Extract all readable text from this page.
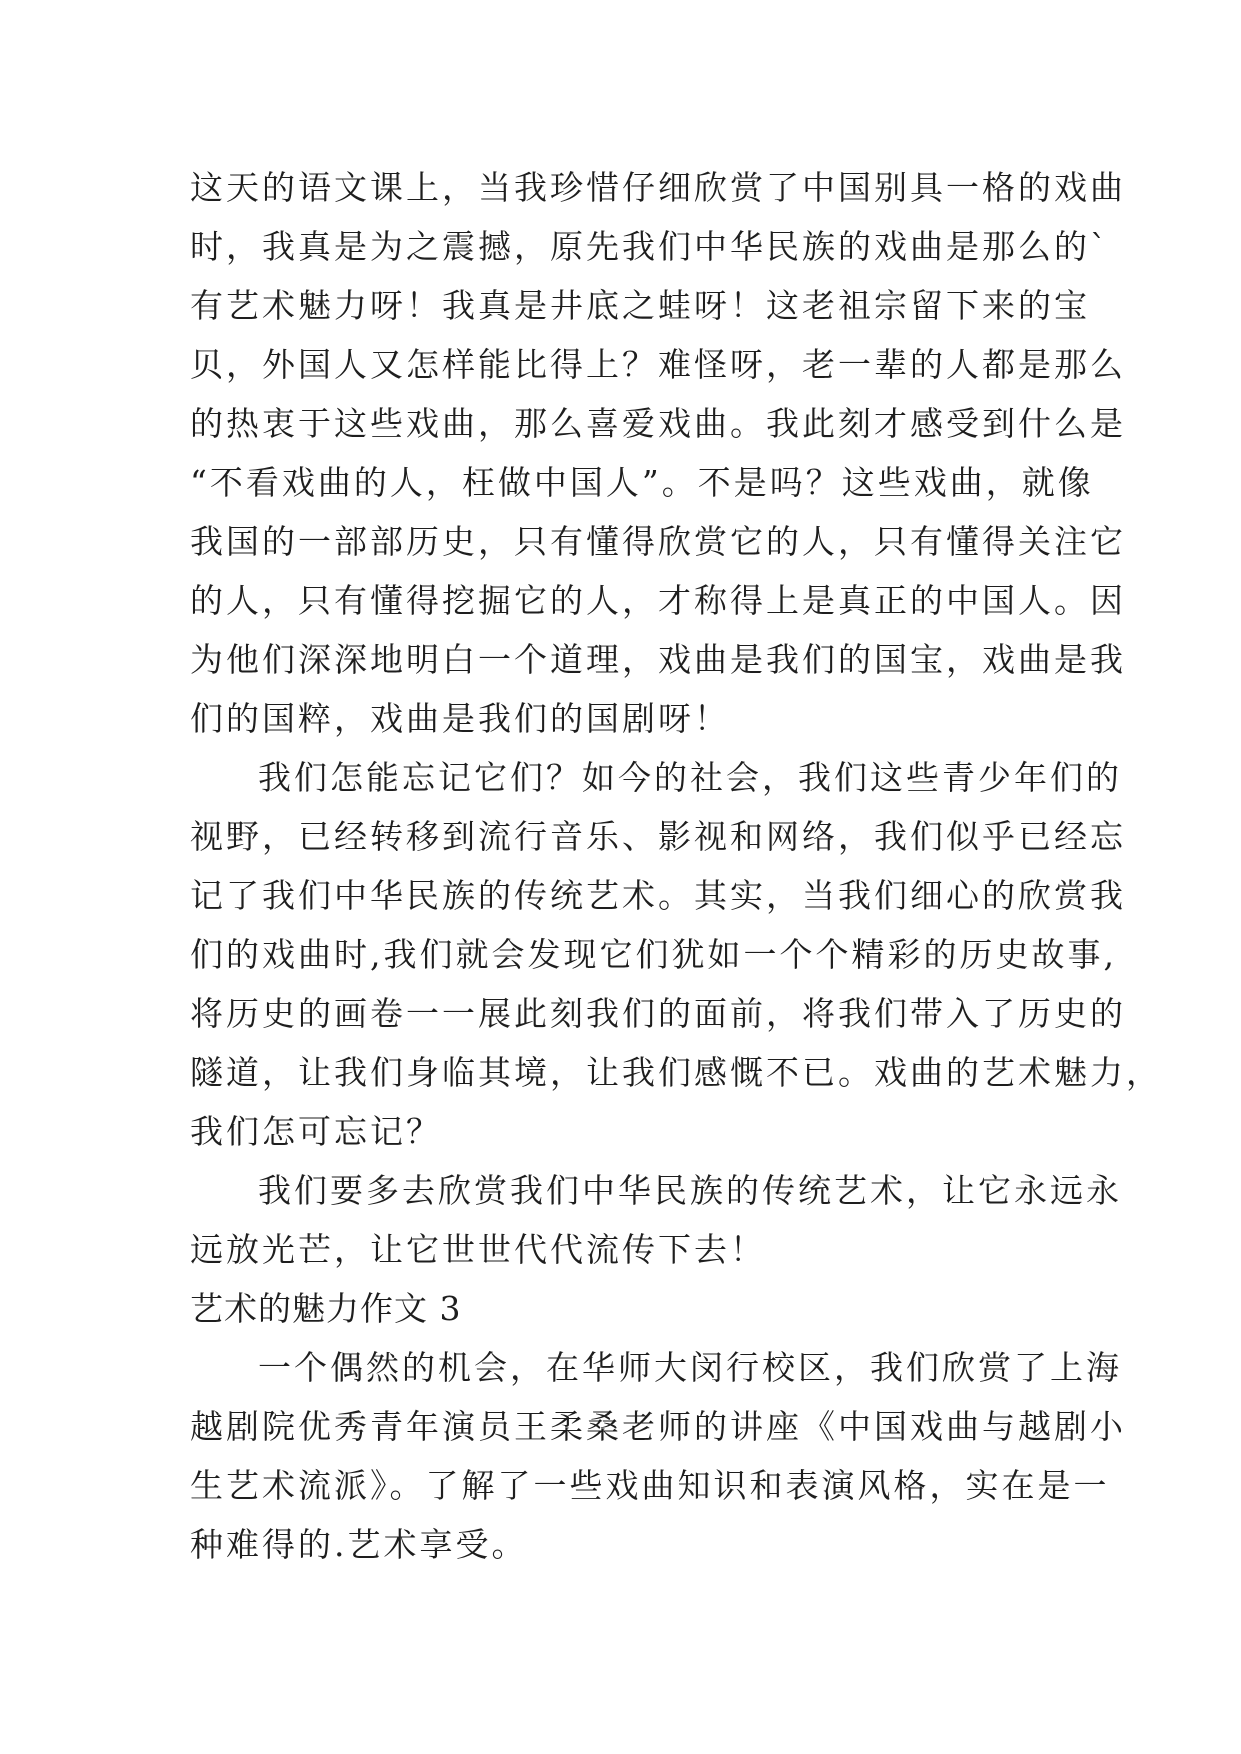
这天的语文课上，当我珍惜仔细欣赏了中国别具一格的戏曲
时，我真是为之震撼，原先我们中华民族的戏曲是那么的`
有艺术魅力呀！我真是井底之蛙呀！这老祖宗留下来的宝
贝，外国人又怎样能比得上？难怪呀，老一辈的人都是那么
的热衷于这些戏曲，那么喜爱戏曲。我此刻才感受到什么是
“不看戏曲的人，枉做中国人”。不是吗？这些戏曲，就像
我国的一部部历史，只有懂得欣赏它的人，只有懂得关注它
的人，只有懂得挖掘它的人，才称得上是真正的中国人。因
为他们深深地明白一个道理，戏曲是我们的国宝，戏曲是我
们的国粹，戏曲是我们的国剧呀！
我们怎能忘记它们？如今的社会，我们这些青少年们的
视野，已经转移到流行音乐、影视和网络，我们似乎已经忘
记了我们中华民族的传统艺术。其实，当我们细心的欣赏我
们的戏曲时,我们就会发现它们犹如一个个精彩的历史故事,
将历史的画卷一一展此刻我们的面前，将我们带入了历史的
隧道，让我们身临其境，让我们感慨不已。戏曲的艺术魅力，
我们怎可忘记？
我们要多去欣赏我们中华民族的传统艺术，让它永远永
远放光芒，让它世世代代流传下去！
艺术的魅力作文 3
一个偶然的机会，在华师大闵行校区，我们欣赏了上海
越剧院优秀青年演员王柔桑老师的讲座《中国戏曲与越剧小
生艺术流派》。了解了一些戏曲知识和表演风格，实在是一
种难得的.艺术享受。
